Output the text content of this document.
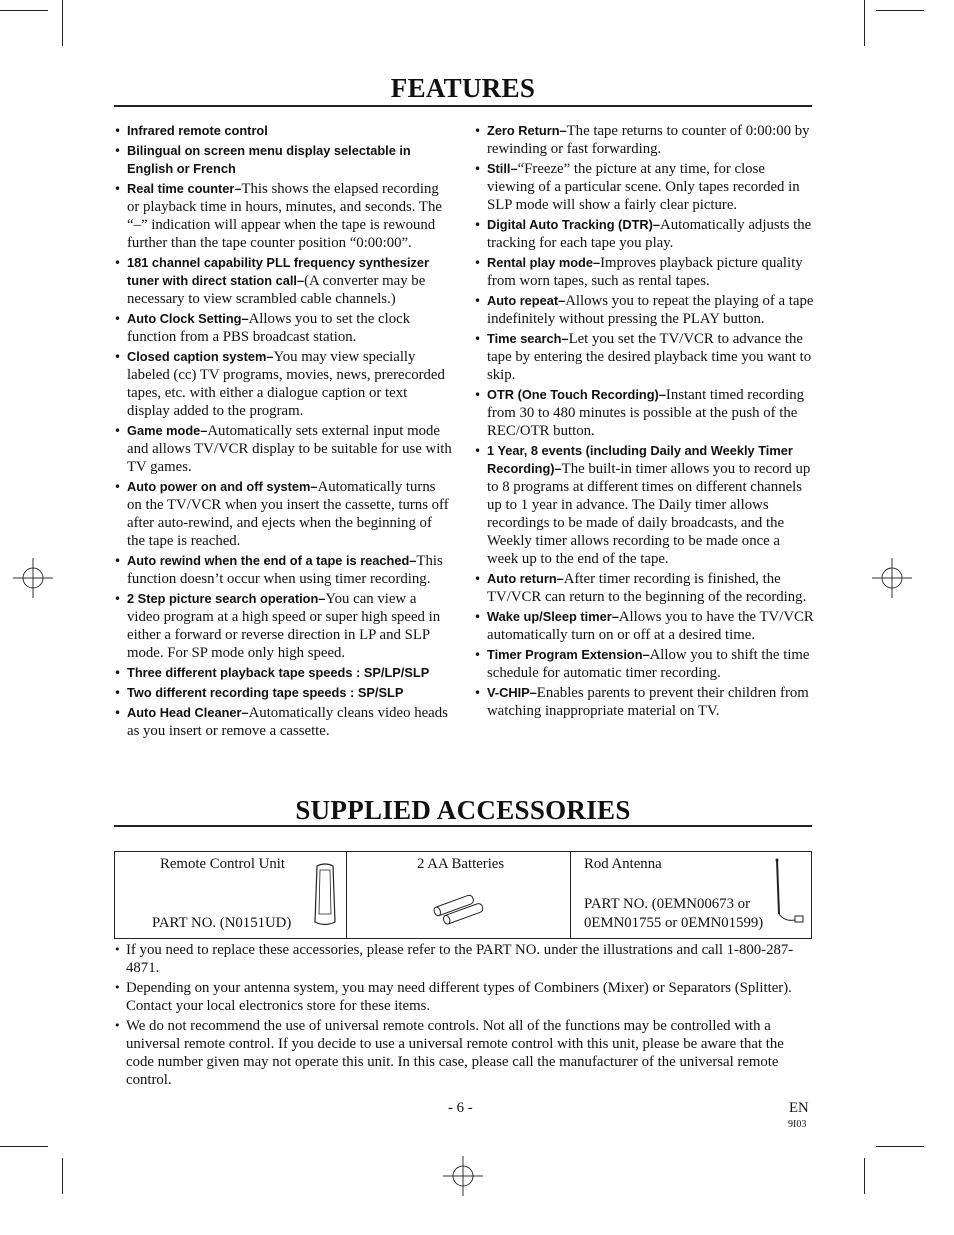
FEATURES
• Infrared remote control
• Bilingual on screen menu display selectable in English or French
• Real time counter–This shows the elapsed recording or playback time in hours, minutes, and seconds. The “–” indication will appear when the tape is rewound further than the tape counter position “0:00:00”.
• 181 channel capability PLL frequency synthesizer tuner with direct station call–(A converter may be necessary to view scrambled cable channels.)
• Auto Clock Setting–Allows you to set the clock function from a PBS broadcast station.
• Closed caption system–You may view specially labeled (cc) TV programs, movies, news, prerecorded tapes, etc. with either a dialogue caption or text display added to the program.
• Game mode–Automatically sets external input mode and allows TV/VCR display to be suitable for use with TV games.
• Auto power on and off system–Automatically turns on the TV/VCR when you insert the cassette, turns off after auto-rewind, and ejects when the beginning of the tape is reached.
• Auto rewind when the end of a tape is reached–This function doesn’t occur when using timer recording.
• 2 Step picture search operation–You can view a video program at a high speed or super high speed in either a forward or reverse direction in LP and SLP mode. For SP mode only high speed.
• Three different playback tape speeds : SP/LP/SLP
• Two different recording tape speeds : SP/SLP
• Auto Head Cleaner–Automatically cleans video heads as you insert or remove a cassette.
• Zero Return–The tape returns to counter of 0:00:00 by rewinding or fast forwarding.
• Still–“Freeze” the picture at any time, for close viewing of a particular scene. Only tapes recorded in SLP mode will show a fairly clear picture.
• Digital Auto Tracking (DTR)–Automatically adjusts the tracking for each tape you play.
• Rental play mode–Improves playback picture quality from worn tapes, such as rental tapes.
• Auto repeat–Allows you to repeat the playing of a tape indefinitely without pressing the PLAY button.
• Time search–Let you set the TV/VCR to advance the tape by entering the desired playback time you want to skip.
• OTR (One Touch Recording)–Instant timed recording from 30 to 480 minutes is possible at the push of the REC/OTR button.
• 1 Year, 8 events (including Daily and Weekly Timer Recording)–The built-in timer allows you to record up to 8 programs at different times on different channels up to 1 year in advance. The Daily timer allows recordings to be made of daily broadcasts, and the Weekly timer allows recording to be made once a week up to the end of the tape.
• Auto return–After timer recording is finished, the TV/VCR can return to the beginning of the recording.
• Wake up/Sleep timer–Allows you to have the TV/VCR automatically turn on or off at a desired time.
• Timer Program Extension–Allow you to shift the time schedule for automatic timer recording.
• V-CHIP–Enables parents to prevent their children from watching inappropriate material on TV.
SUPPLIED ACCESSORIES
Remote Control Unit
PART NO. (N0151UD)
2 AA Batteries	Rod Antenna
PART NO. (0EMN00673 or
0EMN01755 or 0EMN01599)
• If you need to replace these accessories, please refer to the PART NO. under the illustrations and call 1-800-287-4871.
• Depending on your antenna system, you may need different types of Combiners (Mixer) or Separators (Splitter). Contact your local electronics store for these items.
• We do not recommend the use of universal remote controls. Not all of the functions may be controlled with a universal remote control. If you decide to use a universal remote control with this unit, please be aware that the code number given may not operate this unit. In this case, please call the manufacturer of the universal remote control.
- 6 -	EN
9I03
